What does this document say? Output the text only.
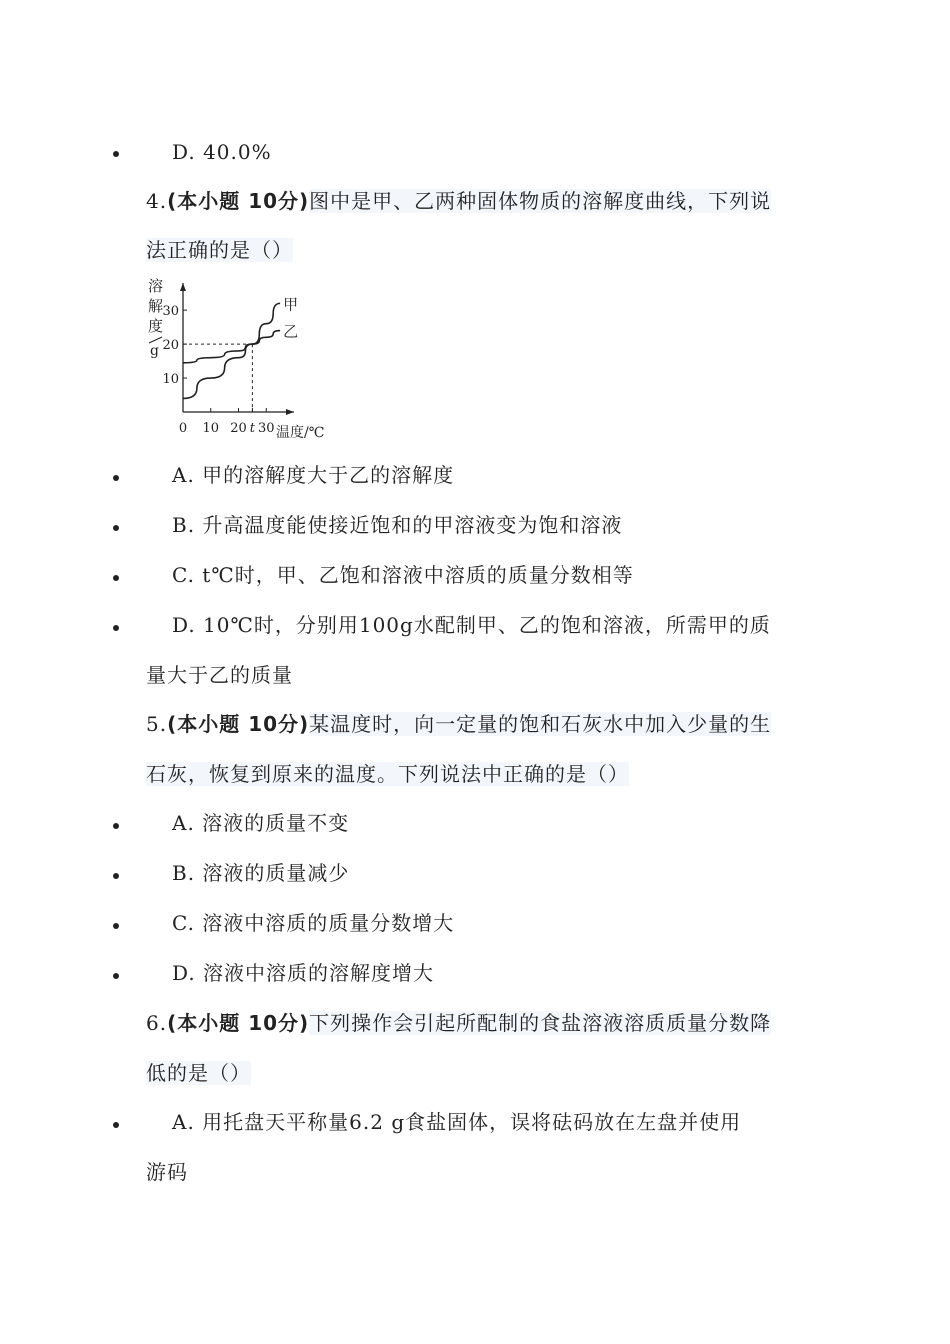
D. 40.0%
4.(本小题 10分)图中是甲、乙两种固体物质的溶解度曲线，下列说
法正确的是（）
0 10 20 t 30
10
20
30	甲
乙
溶
解
度
g
温度/℃
A. 甲的溶解度大于乙的溶解度
B. 升高温度能使接近饱和的甲溶液变为饱和溶液
C. t℃时，甲、乙饱和溶液中溶质的质量分数相等
D. 10℃时，分别用100g水配制甲、乙的饱和溶液，所需甲的质
量大于乙的质量
5.(本小题 10分)某温度时，向一定量的饱和石灰水中加入少量的生
石灰，恢复到原来的温度。下列说法中正确的是（）
A. 溶液的质量不变
B. 溶液的质量减少
C. 溶液中溶质的质量分数增大
D. 溶液中溶质的溶解度增大
6.(本小题 10分)下列操作会引起所配制的食盐溶液溶质质量分数降
低的是（）
A. 用托盘天平称量6.2 g食盐固体，误将砝码放在左盘并使用
游码
